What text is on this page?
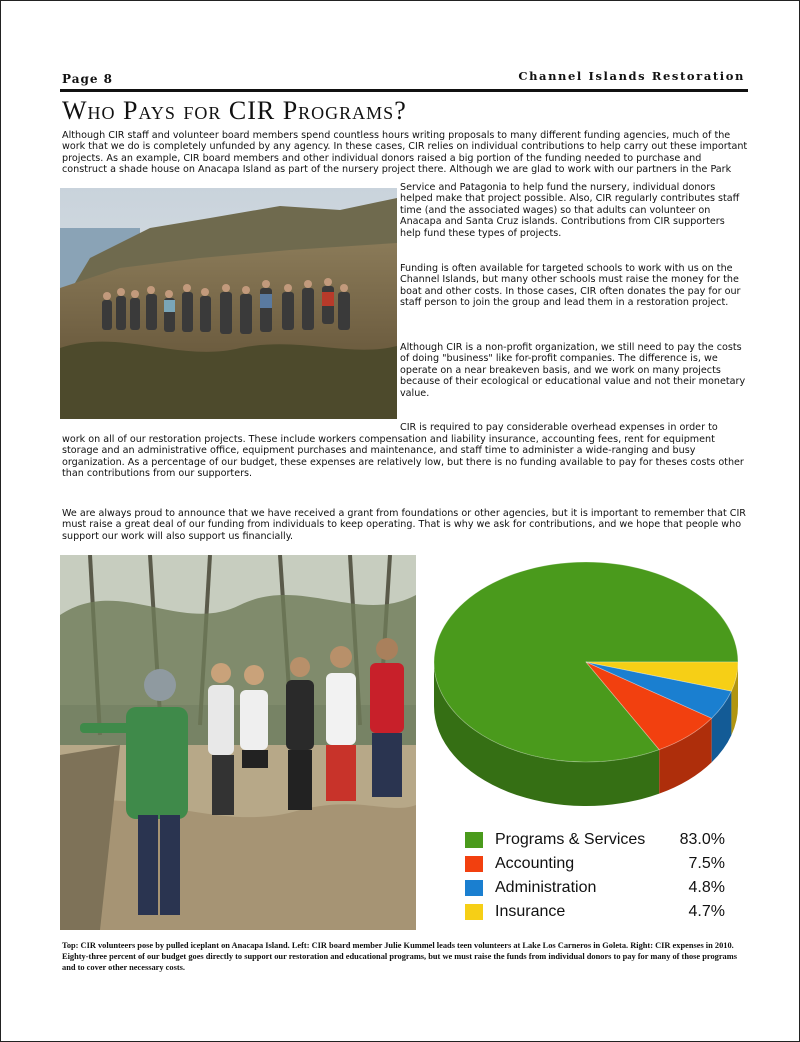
Page 8	Channel Islands Restoration
Who Pays for CIR Programs?
Although CIR staff and volunteer board members spend countless hours writing proposals to many different funding agencies, much of the work that we do is completely unfunded by any agency. In these cases, CIR relies on individual contributions to help carry out these important projects. As an example, CIR board members and other individual donors raised a big portion of the funding needed to purchase and construct a shade house on Anacapa Island as part of the nursery project there. Although we are glad to work with our partners in the Park
Service and Patagonia to help fund the nursery, individual donors helped make that project possible. Also, CIR regularly contributes staff time (and the associated wages) so that adults can volunteer on Anacapa and Santa Cruz islands. Contributions from CIR supporters help fund these types of projects.
Funding is often available for targeted schools to work with us on the Channel Islands, but many other schools must raise the money for the boat and other costs. In those cases, CIR often donates the pay for our staff person to join the group and lead them in a restoration project.
Although CIR is a non-profit organization, we still need to pay the costs of doing "business" like for-profit companies. The difference is, we operate on a near breakeven basis, and we work on many projects because of their ecological or educational value and not their monetary value.
CIR is required to pay considerable overhead expenses in order to
work on all of our restoration projects. These include workers compensation and liability insurance, accounting fees, rent for equipment storage and an administrative office, equipment purchases and maintenance, and staff time to administer a wide-ranging and busy organization. As a percentage of our budget, these expenses are relatively low, but there is no funding available to pay for theses costs other than contributions from our supporters.
We are always proud to announce that we have received a grant from foundations or other agencies, but it is important to remember that CIR must raise a great deal of our funding from individuals to keep operating. That is why we ask for contributions, and we hope that people who support our work will also support us financially.
Programs & Services	83.0%
Accounting	7.5%
Administration	4.8%
Insurance	4.7%
Top: CIR volunteers pose by pulled iceplant on Anacapa Island. Left: CIR board member Julie Kummel leads teen volunteers at Lake Los Carneros in Goleta. Right: CIR expenses in 2010. Eighty-three percent of our budget goes directly to support our restoration and educational programs, but we must raise the funds from individual donors to pay for many of those programs and to cover other necessary costs.
